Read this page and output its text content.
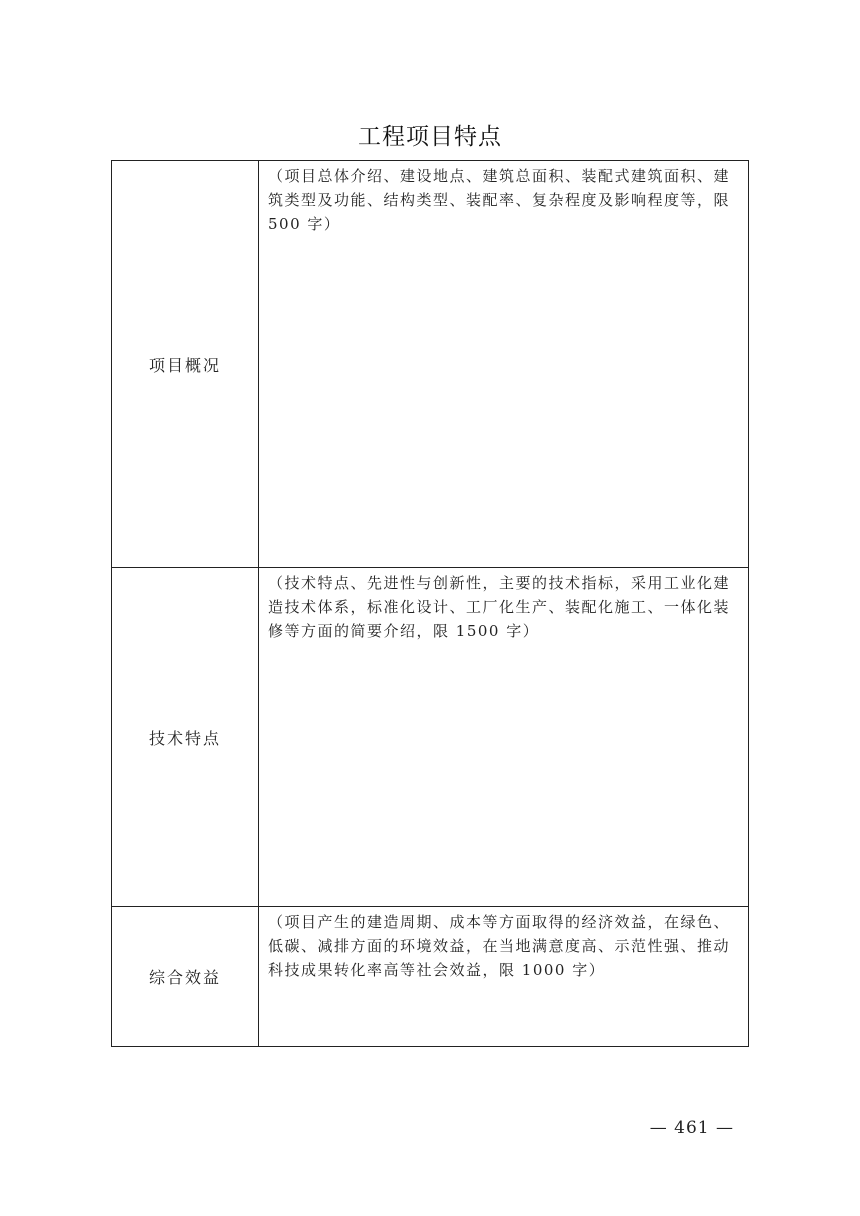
工程项目特点
项目概况	（项目总体介绍、建设地点、建筑总面积、装配式建筑面积、建筑类型及功能、结构类型、装配率、复杂程度及影响程度等，限 500 字）
技术特点	（技术特点、先进性与创新性，主要的技术指标，采用工业化建造技术体系，标准化设计、工厂化生产、装配化施工、一体化装修等方面的简要介绍，限 1500 字）
综合效益	（项目产生的建造周期、成本等方面取得的经济效益，在绿色、低碳、减排方面的环境效益，在当地满意度高、示范性强、推动科技成果转化率高等社会效益，限 1000 字）
— 461 —
